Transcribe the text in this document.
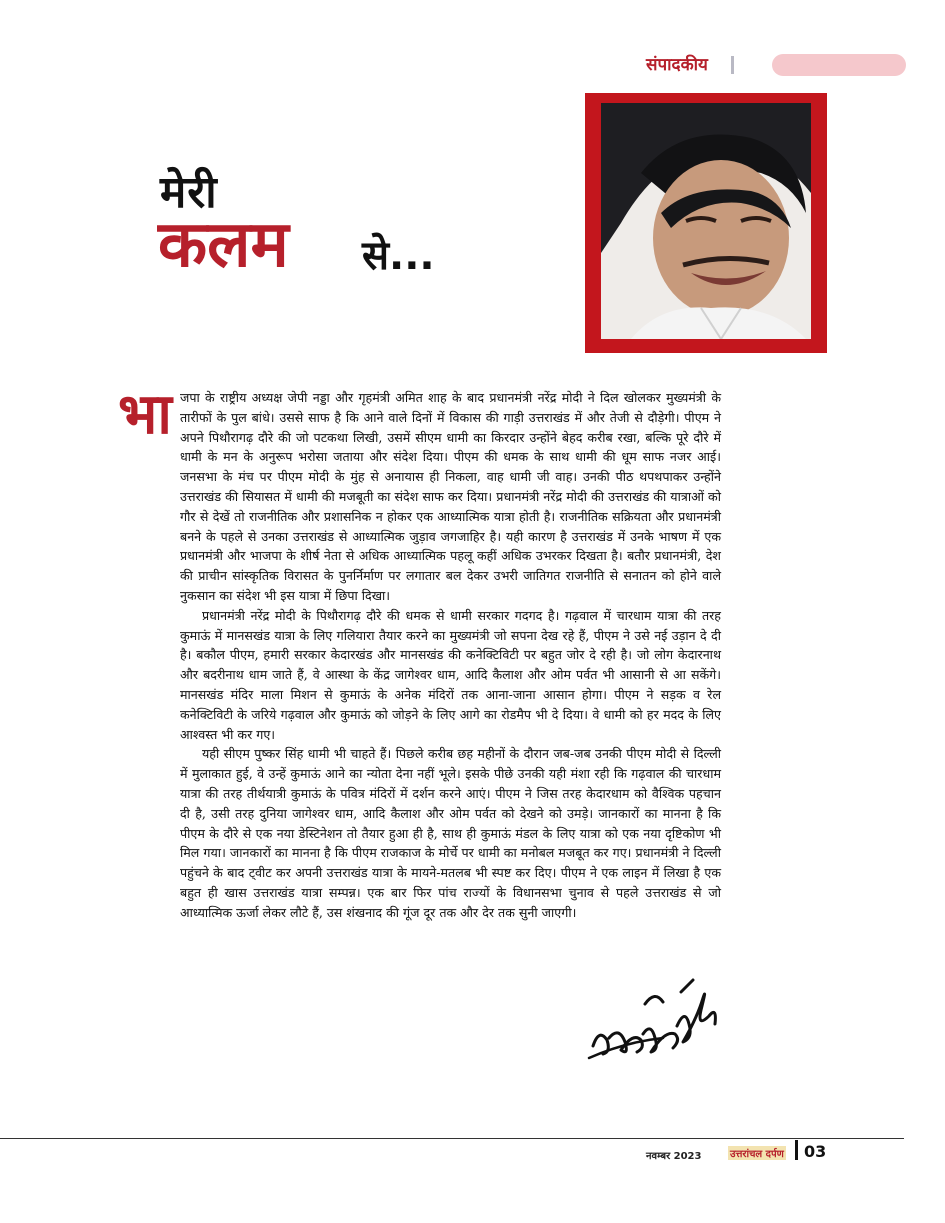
संपादकीय
मेरी
कलम से...
भा जपा के राष्ट्रीय अध्यक्ष जेपी नड्डा और गृहमंत्री अमित शाह के बाद प्रधानमंत्री नरेंद्र मोदी ने दिल खोलकर मुख्यमंत्री के तारीफों के पुल बांधे। उससे साफ है कि आने वाले दिनों में विकास की गाड़ी उत्तराखंड में और तेजी से दौड़ेगी। पीएम ने अपने पिथौरागढ़ दौरे की जो पटकथा लिखी, उसमें सीएम धामी का किरदार उन्होंने बेहद करीब रखा, बल्कि पूरे दौरे में धामी के मन के अनुरूप भरोसा जताया और संदेश दिया। पीएम की धमक के साथ धामी की धूम साफ नजर आई। जनसभा के मंच पर पीएम मोदी के मुंह से अनायास ही निकला, वाह धामी जी वाह। उनकी पीठ थपथपाकर उन्होंने उत्तराखंड की सियासत में धामी की मजबूती का संदेश साफ कर दिया। प्रधानमंत्री नरेंद्र मोदी की उत्तराखंड की यात्राओं को गौर से देखें तो राजनीतिक और प्रशासनिक न होकर एक आध्यात्मिक यात्रा होती है। राजनीतिक सक्रियता और प्रधानमंत्री बनने के पहले से उनका उत्तराखंड से आध्यात्मिक जुड़ाव जगजाहिर है। यही कारण है उत्तराखंड में उनके भाषण में एक प्रधानमंत्री और भाजपा के शीर्ष नेता से अधिक आध्यात्मिक पहलू कहीं अधिक उभरकर दिखता है। बतौर प्रधानमंत्री, देश की प्राचीन सांस्कृतिक विरासत के पुनर्निर्माण पर लगातार बल देकर उभरी जातिगत राजनीति से सनातन को होने वाले नुकसान का संदेश भी इस यात्रा में छिपा दिखा।

प्रधानमंत्री नरेंद्र मोदी के पिथौरागढ़ दौरे की धमक से धामी सरकार गदगद है। गढ़वाल में चारधाम यात्रा की तरह कुमाऊं में मानसखंड यात्रा के लिए गलियारा तैयार करने का मुख्यमंत्री जो सपना देख रहे हैं, पीएम ने उसे नई उड़ान दे दी है। बकौल पीएम, हमारी सरकार केदारखंड और मानसखंड की कनेक्टिविटी पर बहुत जोर दे रही है। जो लोग केदारनाथ और बदरीनाथ धाम जाते हैं, वे आस्था के केंद्र जागेश्वर धाम, आदि कैलाश और ओम पर्वत भी आसानी से आ सकेंगे। मानसखंड मंदिर माला मिशन से कुमाऊं के अनेक मंदिरों तक आना-जाना आसान होगा। पीएम ने सड़क व रेल कनेक्टिविटी के जरिये गढ़वाल और कुमाऊं को जोड़ने के लिए आगे का रोडमैप भी दे दिया। वे धामी को हर मदद के लिए आश्वस्त भी कर गए।

यही सीएम पुष्कर सिंह धामी भी चाहते हैं। पिछले करीब छह महीनों के दौरान जब-जब उनकी पीएम मोदी से दिल्ली में मुलाकात हुई, वे उन्हें कुमाऊं आने का न्योता देना नहीं भूले। इसके पीछे उनकी यही मंशा रही कि गढ़वाल की चारधाम यात्रा की तरह तीर्थयात्री कुमाऊं के पवित्र मंदिरों में दर्शन करने आएं। पीएम ने जिस तरह केदारधाम को वैश्विक पहचान दी है, उसी तरह दुनिया जागेश्वर धाम, आदि कैलाश और ओम पर्वत को देखने को उमड़े। जानकारों का मानना है कि पीएम के दौरे से एक नया डेस्टिनेशन तो तैयार हुआ ही है, साथ ही कुमाऊं मंडल के लिए यात्रा को एक नया दृष्टिकोण भी मिल गया। जानकारों का मानना है कि पीएम राजकाज के मोर्चे पर धामी का मनोबल मजबूत कर गए। प्रधानमंत्री ने दिल्ली पहुंचने के बाद ट्वीट कर अपनी उत्तराखंड यात्रा के मायने-मतलब भी स्पष्ट कर दिए। पीएम ने एक लाइन में लिखा है एक बहुत ही खास उत्तराखंड यात्रा सम्पन्न। एक बार फिर पांच राज्यों के विधानसभा चुनाव से पहले उत्तराखंड से जो आध्यात्मिक ऊर्जा लेकर लौटे हैं, उस शंखनाद की गूंज दूर तक और देर तक सुनी जाएगी।

नवम्बर 2023	उत्तरांचल दर्पण 03
